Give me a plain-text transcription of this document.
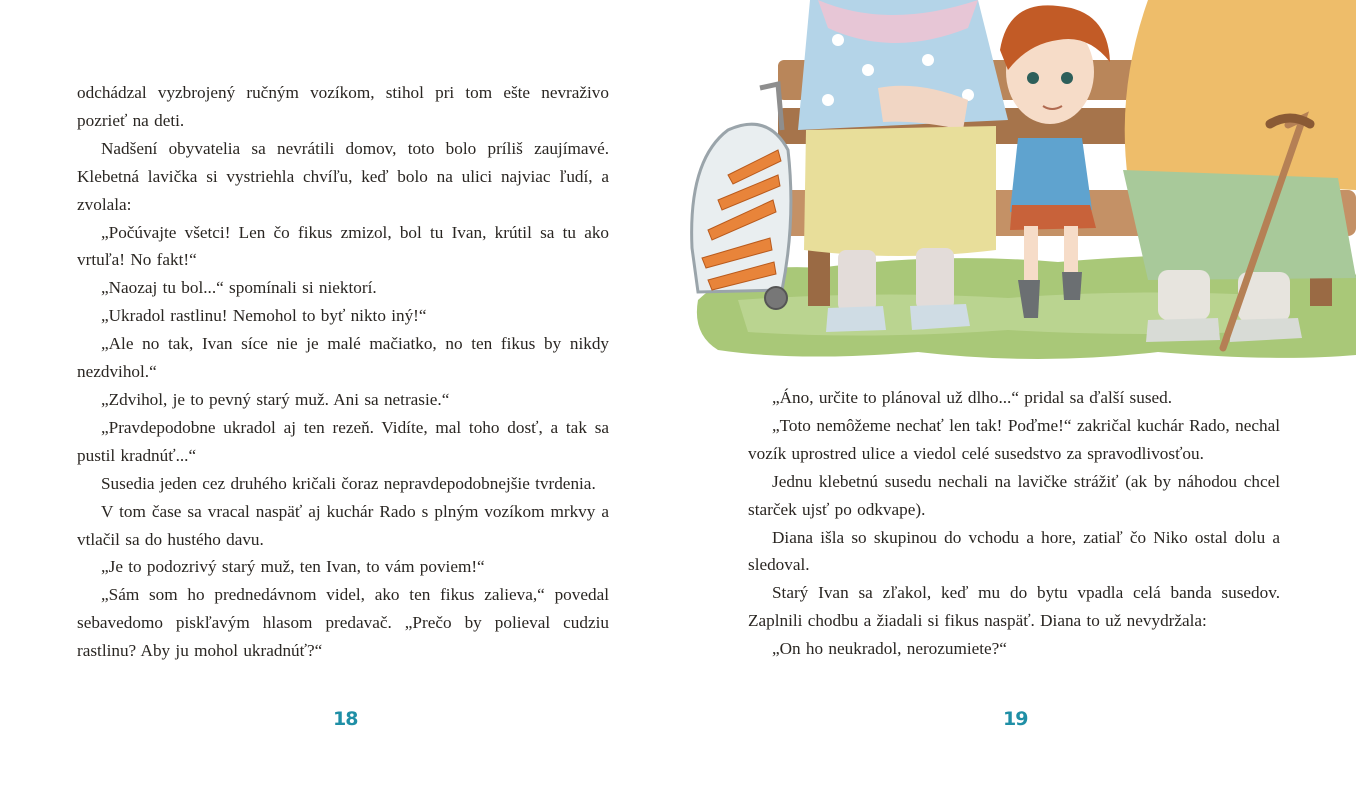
odchádzal vyzbrojený ručným vozíkom, stihol pri tom ešte nevraživo pozrieť na deti.

Nadšení obyvatelia sa nevrátili domov, toto bolo príliš zaujímavé. Klebetná lavička si vystriehla chvíľu, keď bolo na ulici najviac ľudí, a zvolala:

„Počúvajte všetci! Len čo fikus zmizol, bol tu Ivan, krútil sa tu ako vrtuľa! No fakt!“

„Naozaj tu bol...“ spomínali si niektorí.

„Ukradol rastlinu! Nemohol to byť nikto iný!“

„Ale no tak, Ivan síce nie je malé mačiatko, no ten fikus by nikdy nezdvihol.“

„Zdvihol, je to pevný starý muž. Ani sa netrasie.“

„Pravdepodobne ukradol aj ten rezeň. Vidíte, mal toho dosť, a tak sa pustil kradnúť...“

Susedia jeden cez druhého kričali čoraz nepravdepodobnejšie tvrdenia.

V tom čase sa vracal naspäť aj kuchár Rado s plným vozíkom mrkvy a vtlačil sa do hustého davu.

„Je to podozrivý starý muž, ten Ivan, to vám poviem!“

„Sám som ho prednedávnom videl, ako ten fikus zalieva,“ povedal sebavedomo piskľavým hlasom predavač. „Prečo by polieval cudziu rastlinu? Aby ju mohol ukradnúť?“

18

„Áno, určite to plánoval už dlho...“ pridal sa ďalší sused.

„Toto nemôžeme nechať len tak! Poďme!“ zakričal kuchár Rado, nechal vozík uprostred ulice a viedol celé susedstvo za spravodlivosťou.

Jednu klebetnú susedu nechali na lavičke strážiť (ak by náhodou chcel starček ujsť po odkvape).

Diana išla so skupinou do vchodu a hore, zatiaľ čo Niko ostal dolu a sledoval.

Starý Ivan sa zľakol, keď mu do bytu vpadla celá banda susedov. Zaplnili chodbu a žiadali si fikus naspäť. Diana to už nevydržala:

„On ho neukradol, nerozumiete?“

19
